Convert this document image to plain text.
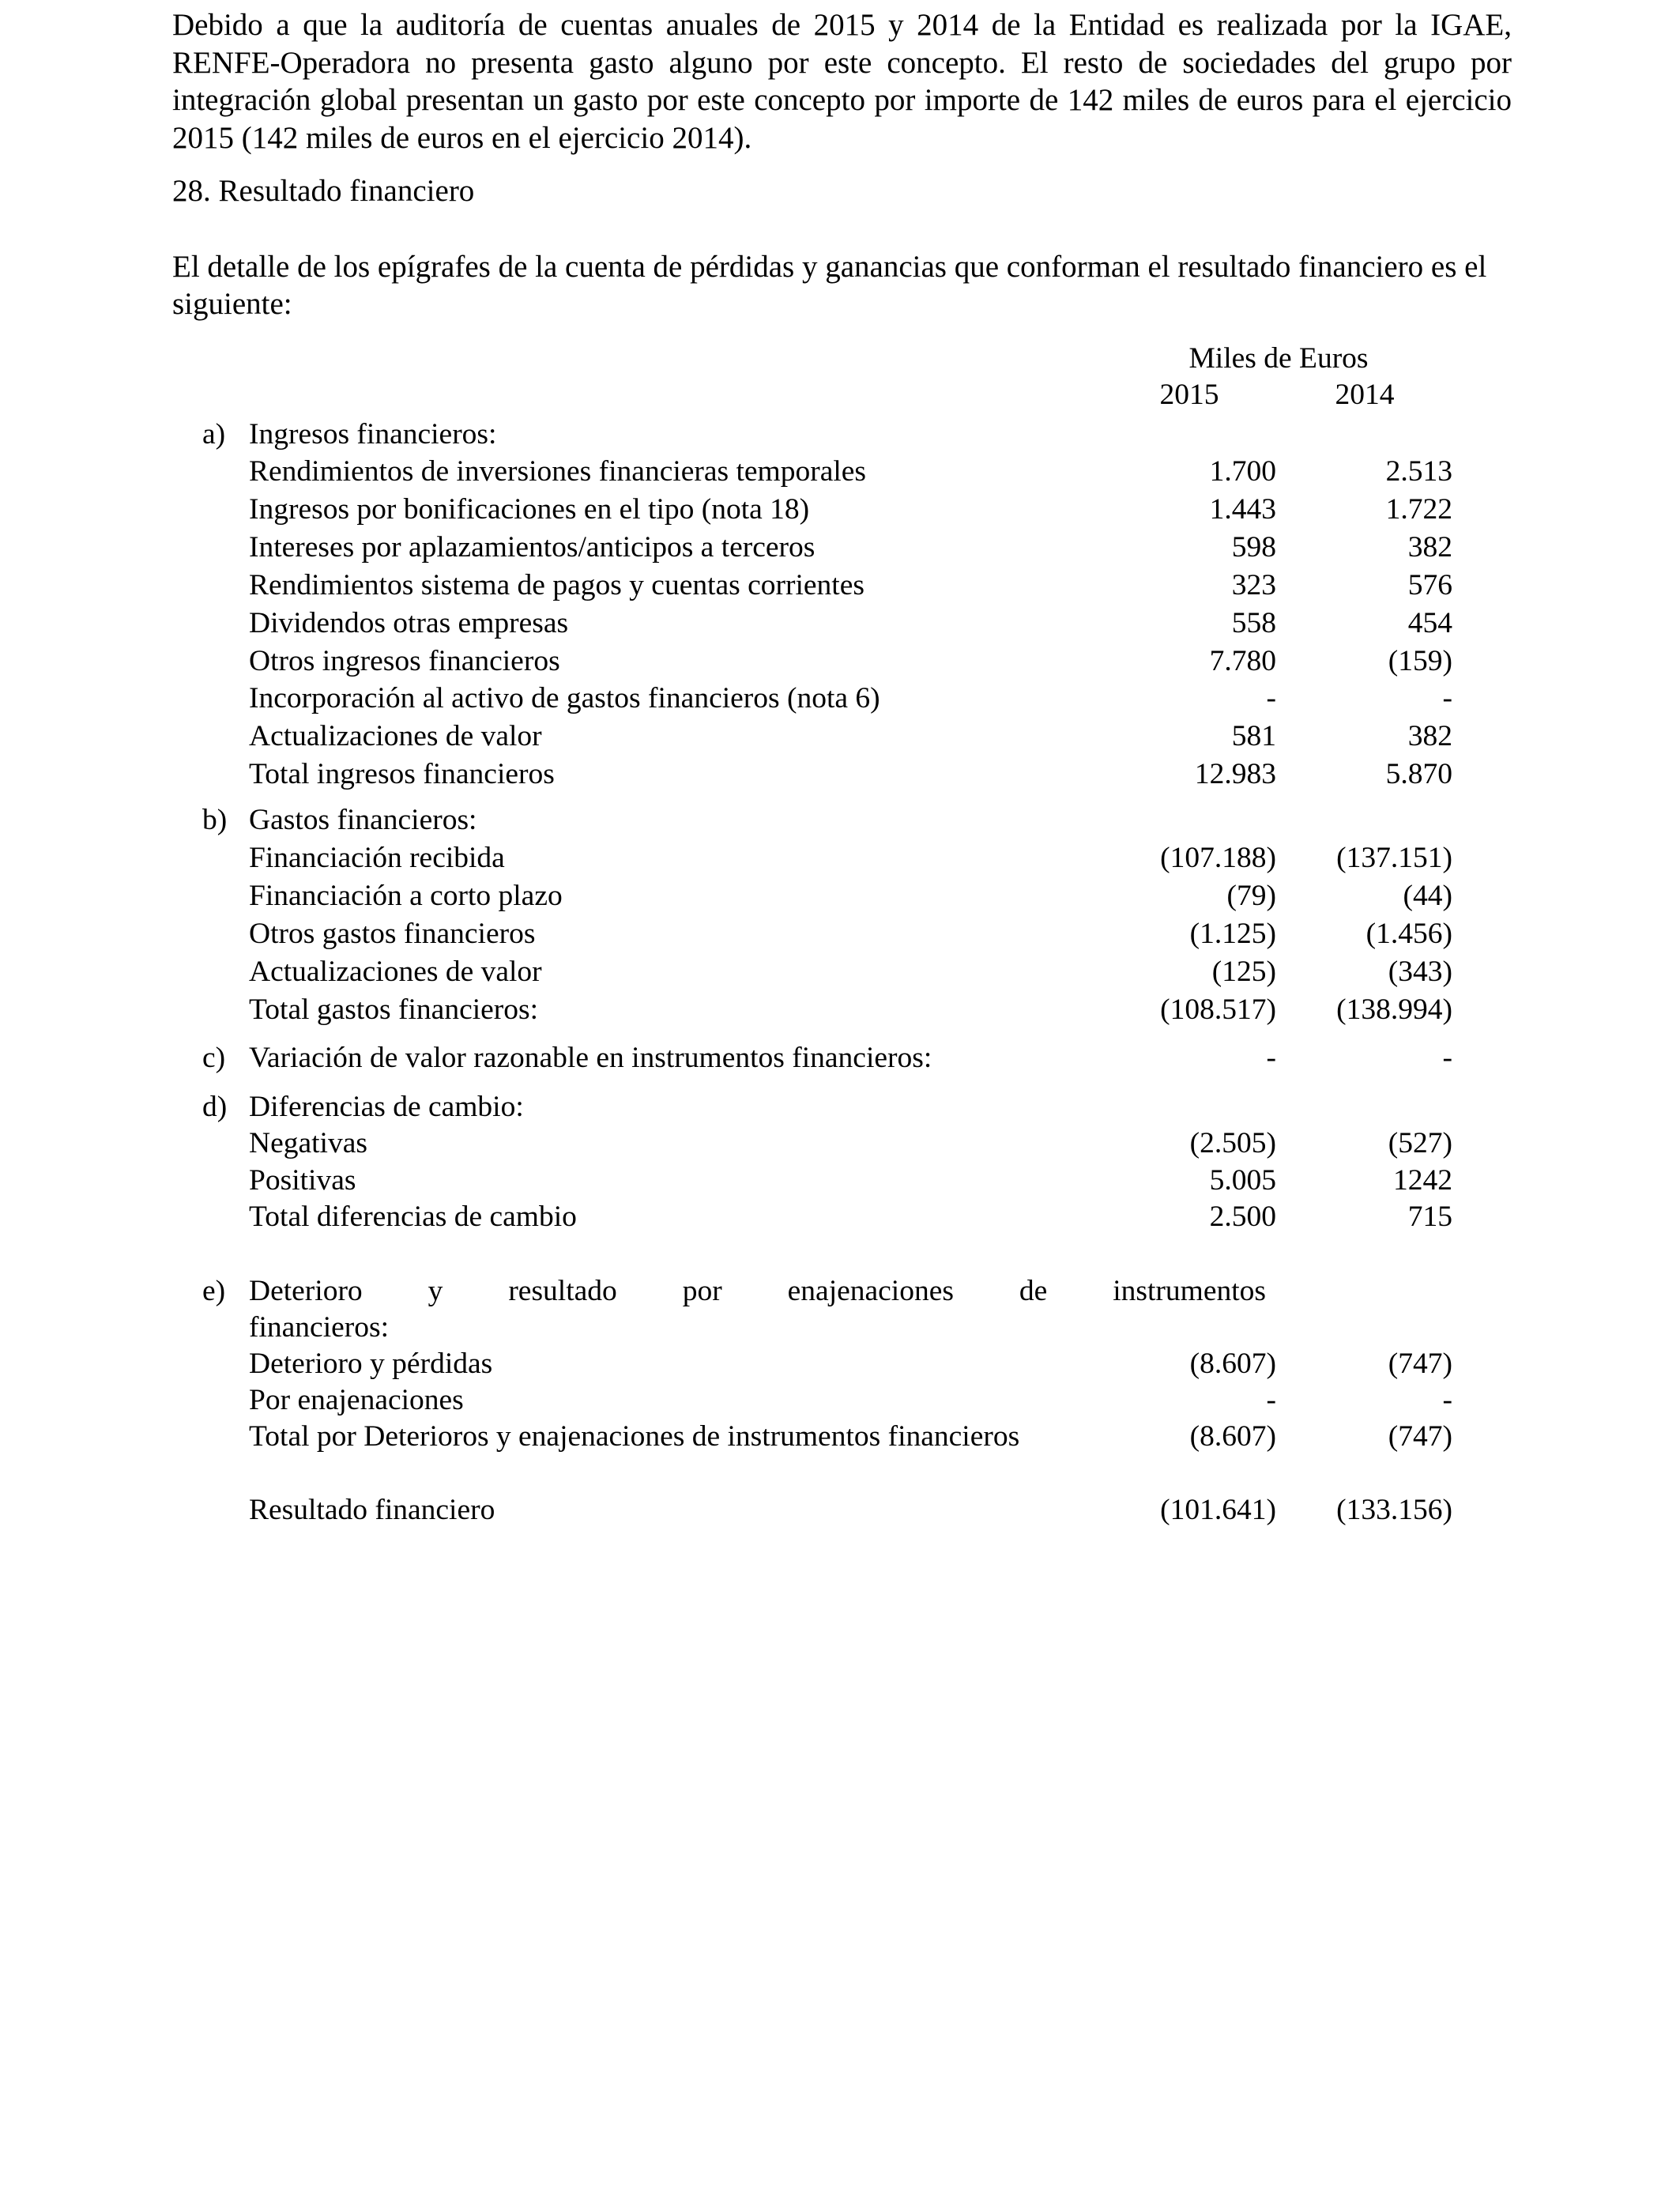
Debido a que la auditoría de cuentas anuales de 2015 y 2014 de la Entidad es realizada por la IGAE, RENFE-Operadora no presenta gasto alguno por este concepto. El resto de sociedades del grupo por integración global presentan un gasto por este concepto por importe de 142 miles de euros para el ejercicio 2015 (142 miles de euros en el ejercicio 2014).

28. Resultado financiero

El detalle de los epígrafes de la cuenta de pérdidas y ganancias que conforman el resultado financiero es el siguiente:

Miles de Euros
2015	2014
a) Ingresos financieros:
Rendimientos de inversiones financieras temporales	1.700	2.513
Ingresos por bonificaciones en el tipo (nota 18)	1.443	1.722
Intereses por aplazamientos/anticipos a terceros	598	382
Rendimientos sistema de pagos y cuentas corrientes	323	576
Dividendos otras empresas	558	454
Otros ingresos financieros	7.780	(159)
Incorporación al activo de gastos financieros (nota 6)	-	-
Actualizaciones de valor	581	382
Total ingresos financieros	12.983	5.870
b) Gastos financieros:
Financiación recibida	(107.188) (137.151)
Financiación a corto plazo	(79)	(44)
Otros gastos financieros	(1.125)	(1.456)
Actualizaciones de valor	(125)	(343)
Total gastos financieros:	(108.517) (138.994)
c) Variación de valor razonable en instrumentos financieros:	-	-
d) Diferencias de cambio:
Negativas	(2.505)	(527)
Positivas	5.005	1242
Total diferencias de cambio	2.500	715
e) Deterioro y resultado por enajenaciones de instrumentos
financieros:
Deterioro y pérdidas	(8.607)	(747)
Por enajenaciones	-	-
Total por Deterioros y enajenaciones de instrumentos financieros	(8.607)	(747)
Resultado financiero	(101.641) (133.156)
